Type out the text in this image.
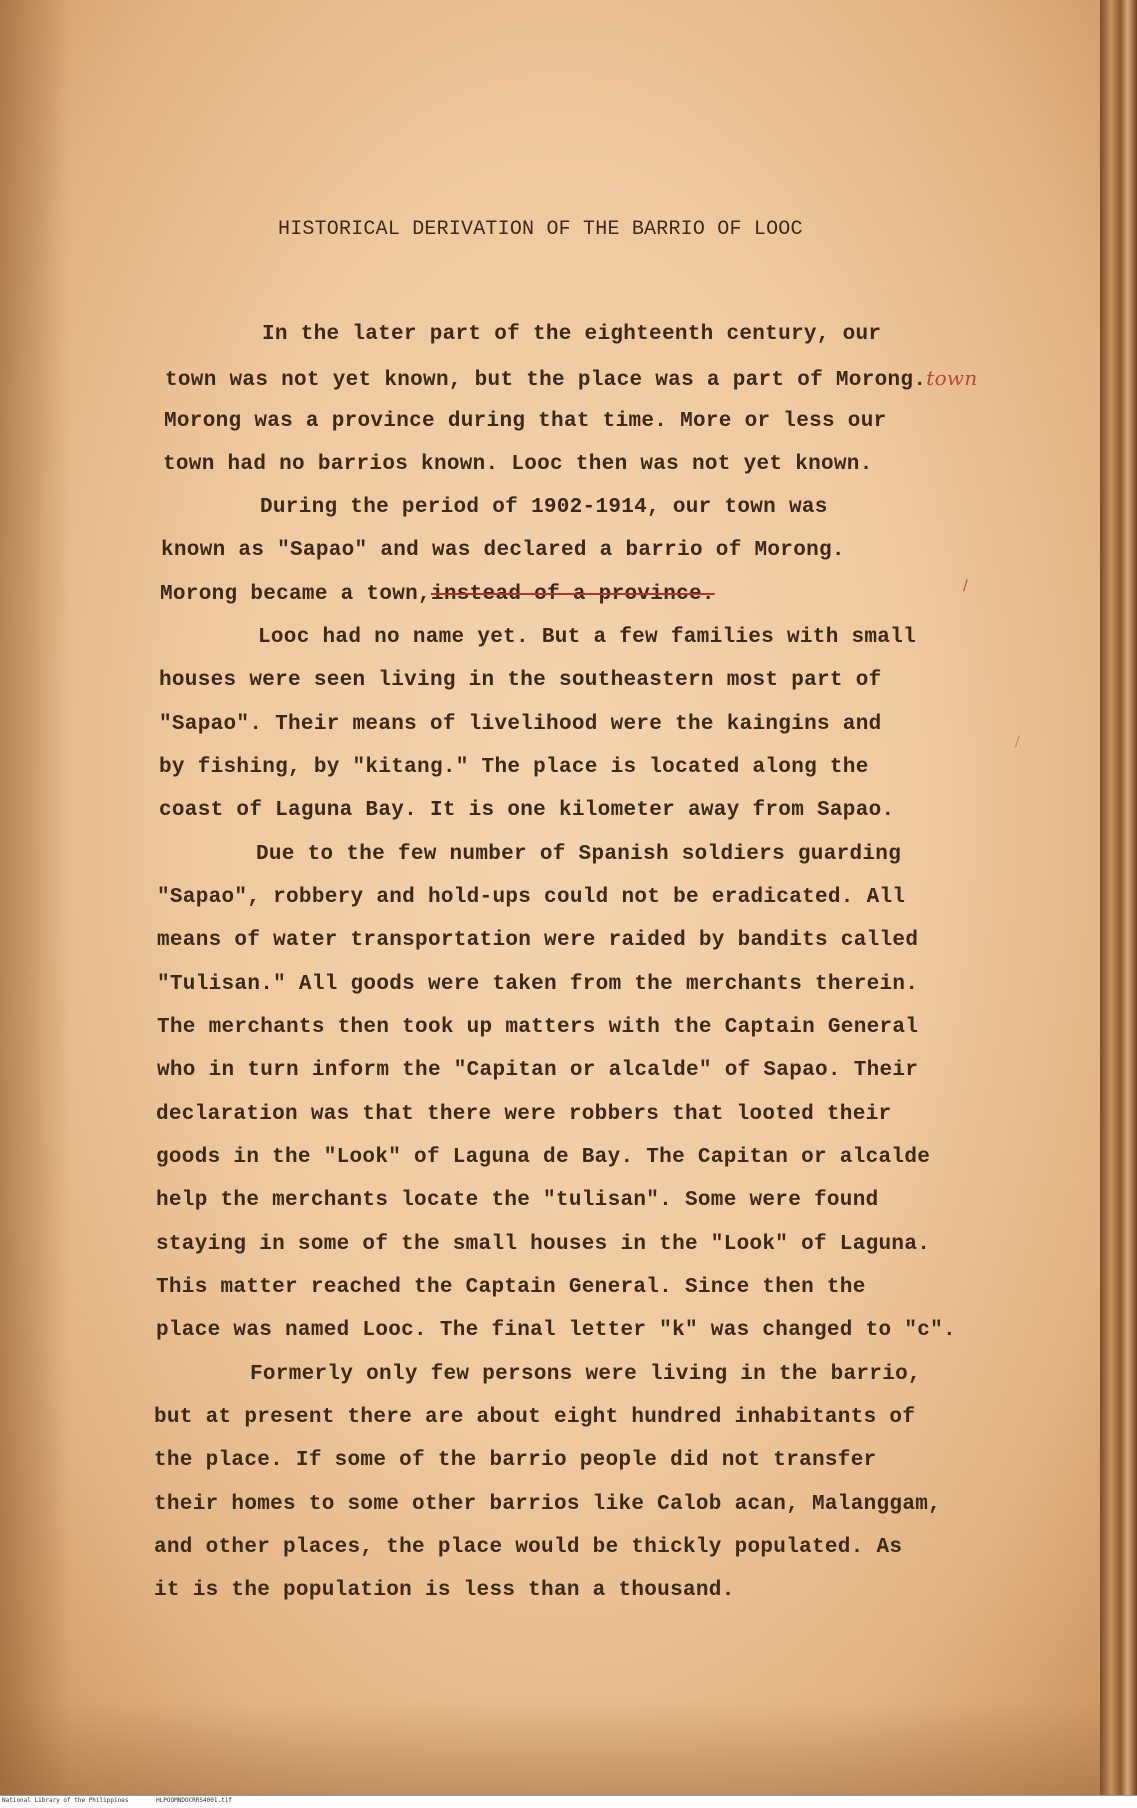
HISTORICAL DERIVATION OF THE BARRIO OF LOOC
In the later part of the eighteenth century, our
town was not yet known, but the place was a part of Morong.town
Morong was a province during that time. More or less our
town had no barrios known. Looc then was not yet known.
During the period of 1902-1914, our town was
known as "Sapao" and was declared a barrio of Morong.
Morong became a town,instead of a province.
Looc had no name yet. But a few families with small
houses were seen living in the southeastern most part of
"Sapao". Their means of livelihood were the kaingins and
by fishing, by "kitang." The place is located along the
coast of Laguna Bay. It is one kilometer away from Sapao.
Due to the few number of Spanish soldiers guarding
"Sapao", robbery and hold-ups could not be eradicated. All
means of water transportation were raided by bandits called
"Tulisan." All goods were taken from the merchants therein.
The merchants then took up matters with the Captain General
who in turn inform the "Capitan or alcalde" of Sapao. Their
declaration was that there were robbers that looted their
goods in the "Look" of Laguna de Bay. The Capitan or alcalde
help the merchants locate the "tulisan". Some were found
staying in some of the small houses in the "Look" of Laguna.
This matter reached the Captain General. Since then the
place was named Looc. The final letter "k" was changed to "c".
Formerly only few persons were living in the barrio,
but at present there are about eight hundred inhabitants of
the place. If some of the barrio people did not transfer
their homes to some other barrios like Calob acan, Malanggam,
and other places, the place would be thickly populated. As
it is the population is less than a thousand.
/
/
National Library of the Philippines	HLPOOMNDOCRRS4001.tif
